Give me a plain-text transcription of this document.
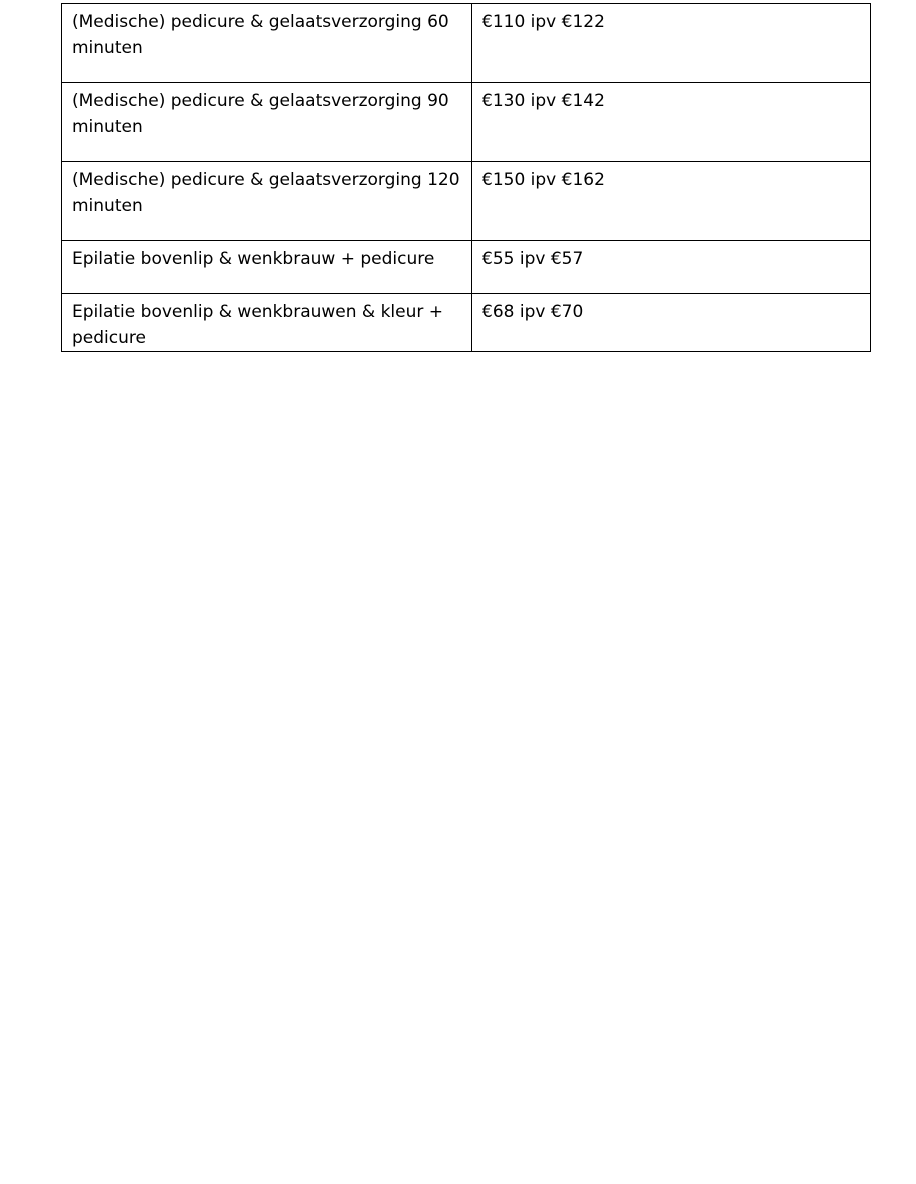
(Medische) pedicure & gelaatsverzorging 60 minuten	€110 ipv €122
(Medische) pedicure & gelaatsverzorging 90 minuten	€130 ipv €142
(Medische) pedicure & gelaatsverzorging 120 minuten	€150 ipv €162
Epilatie bovenlip & wenkbrauw + pedicure	€55 ipv €57
Epilatie bovenlip & wenkbrauwen & kleur + pedicure	€68 ipv €70
